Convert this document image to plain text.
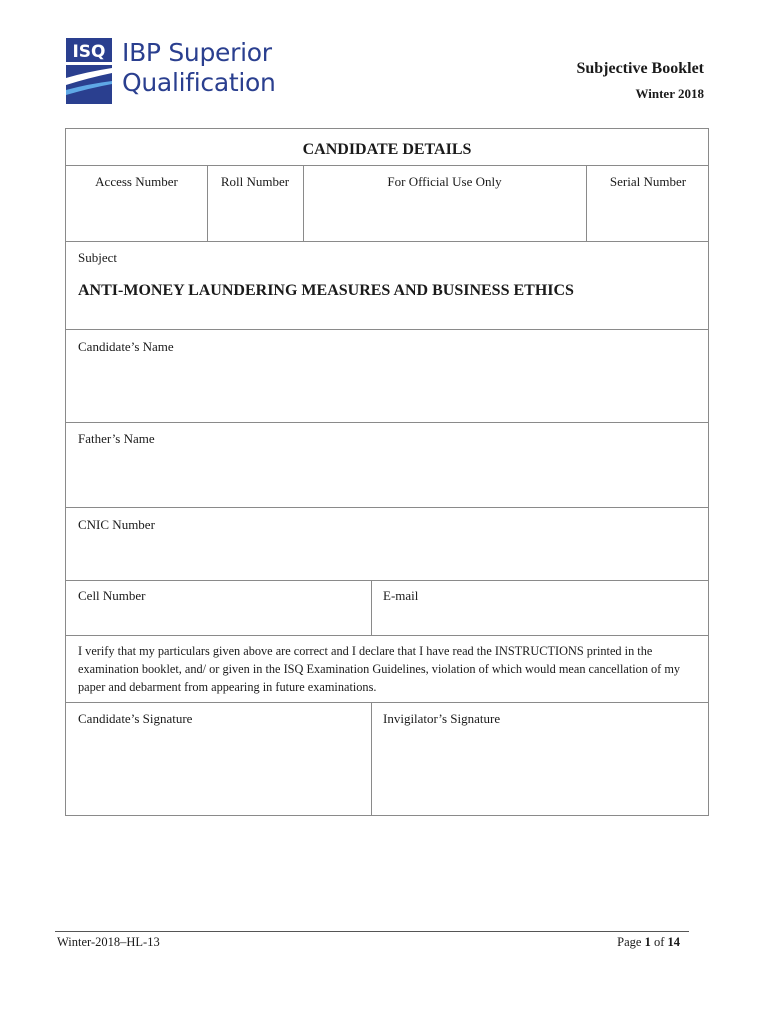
ISQ IBP Superior
Qualification	Subjective Booklet
Winter 2018
CANDIDATE DETAILS
Access Number	Roll Number	For Official Use Only	Serial Number
Subject
ANTI-MONEY LAUNDERING MEASURES AND BUSINESS ETHICS
Candidate’s Name
Father’s Name
CNIC Number
Cell Number	E-mail
I verify that my particulars given above are correct and I declare that I have read the INSTRUCTIONS printed in the examination booklet, and/ or given in the ISQ Examination Guidelines, violation of which would mean cancellation of my paper and debarment from appearing in future examinations.
Candidate’s Signature	Invigilator’s Signature
Winter-2018–HL-13	Page 1 of 14
